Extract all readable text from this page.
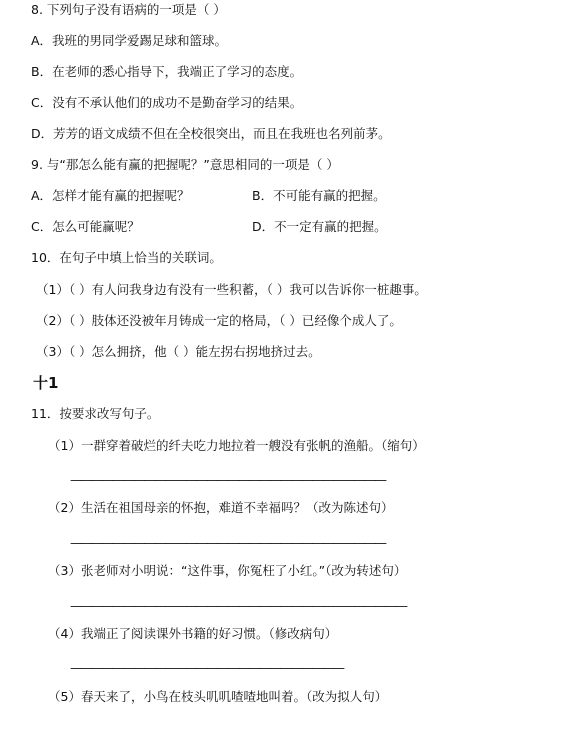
8. 下列句子没有语病的一项是（ ）
A．我班的男同学爱踢足球和篮球。
B．在老师的悉心指导下，我端正了学习的态度。
C．没有不承认他们的成功不是勤奋学习的结果。
D．芳芳的语文成绩不但在全校很突出，而且在我班也名列前茅。
9. 与“那怎么能有赢的把握呢？”意思相同的一项是（ ）
A．怎样才能有赢的把握呢？	B．不可能有赢的把握。
C．怎么可能赢呢？	D．不一定有赢的把握。
10．在句子中填上恰当的关联词。
（1）（ ）有人问我身边有没有一些积蓄，（ ）我可以告诉你一桩趣事。
（2）（ ）肢体还没被年月铸成一定的格局，（ ）已经像个成人了。
（3）（ ）怎么拥挤，他（ ）能左拐右拐地挤过去。
十1
11．按要求改写句子。
（1）一群穿着破烂的纤夫吃力地拉着一艘没有张帆的渔船。（缩句）
——————————————————————————————
（2）生活在祖国母亲的怀抱，难道不幸福吗？（改为陈述句）
——————————————————————————————
（3）张老师对小明说：“这件事，你冤枉了小红。”（改为转述句）
————————————————————————————————
（4）我端正了阅读课外书籍的好习惯。（修改病句）
——————————————————————————
（5）春天来了，小鸟在枝头叽叽喳喳地叫着。（改为拟人句）
